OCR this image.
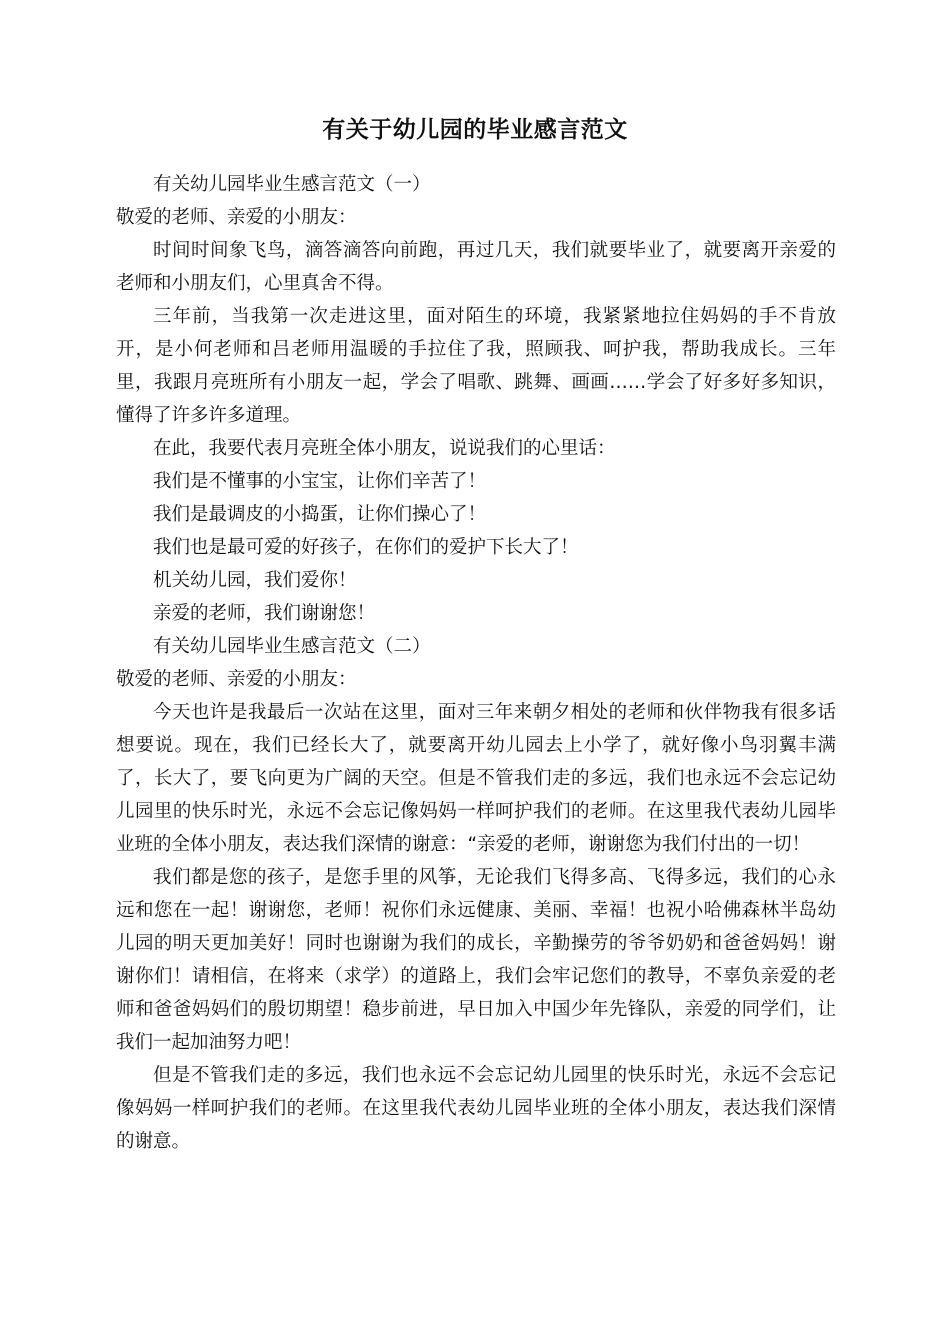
有关于幼儿园的毕业感言范文

有关幼儿园毕业生感言范文（一）

敬爱的老师、亲爱的小朋友：

时间时间象飞鸟，滴答滴答向前跑，再过几天，我们就要毕业了，就要离开亲爱的老师和小朋友们，心里真舍不得。

三年前，当我第一次走进这里，面对陌生的环境，我紧紧地拉住妈妈的手不肯放开，是小何老师和吕老师用温暖的手拉住了我，照顾我、呵护我，帮助我成长。三年里，我跟月亮班所有小朋友一起，学会了唱歌、跳舞、画画……学会了好多好多知识，懂得了许多许多道理。

在此，我要代表月亮班全体小朋友，说说我们的心里话：

我们是不懂事的小宝宝，让你们辛苦了！

我们是最调皮的小捣蛋，让你们操心了！

我们也是最可爱的好孩子，在你们的爱护下长大了！

机关幼儿园，我们爱你！

亲爱的老师，我们谢谢您！

有关幼儿园毕业生感言范文（二）

敬爱的老师、亲爱的小朋友：

今天也许是我最后一次站在这里，面对三年来朝夕相处的老师和伙伴物我有很多话想要说。现在，我们已经长大了，就要离开幼儿园去上小学了，就好像小鸟羽翼丰满了，长大了，要飞向更为广阔的天空。但是不管我们走的多远，我们也永远不会忘记幼儿园里的快乐时光，永远不会忘记像妈妈一样呵护我们的老师。在这里我代表幼儿园毕业班的全体小朋友，表达我们深情的谢意：“亲爱的老师，谢谢您为我们付出的一切！

我们都是您的孩子，是您手里的风筝，无论我们飞得多高、飞得多远，我们的心永远和您在一起！谢谢您，老师！祝你们永远健康、美丽、幸福！也祝小哈佛森林半岛幼儿园的明天更加美好！同时也谢谢为我们的成长，辛勤操劳的爷爷奶奶和爸爸妈妈！谢谢你们！请相信，在将来（求学）的道路上，我们会牢记您们的教导，不辜负亲爱的老师和爸爸妈妈们的殷切期望！稳步前进，早日加入中国少年先锋队，亲爱的同学们，让我们一起加油努力吧！

但是不管我们走的多远，我们也永远不会忘记幼儿园里的快乐时光，永远不会忘记像妈妈一样呵护我们的老师。在这里我代表幼儿园毕业班的全体小朋友，表达我们深情的谢意。
